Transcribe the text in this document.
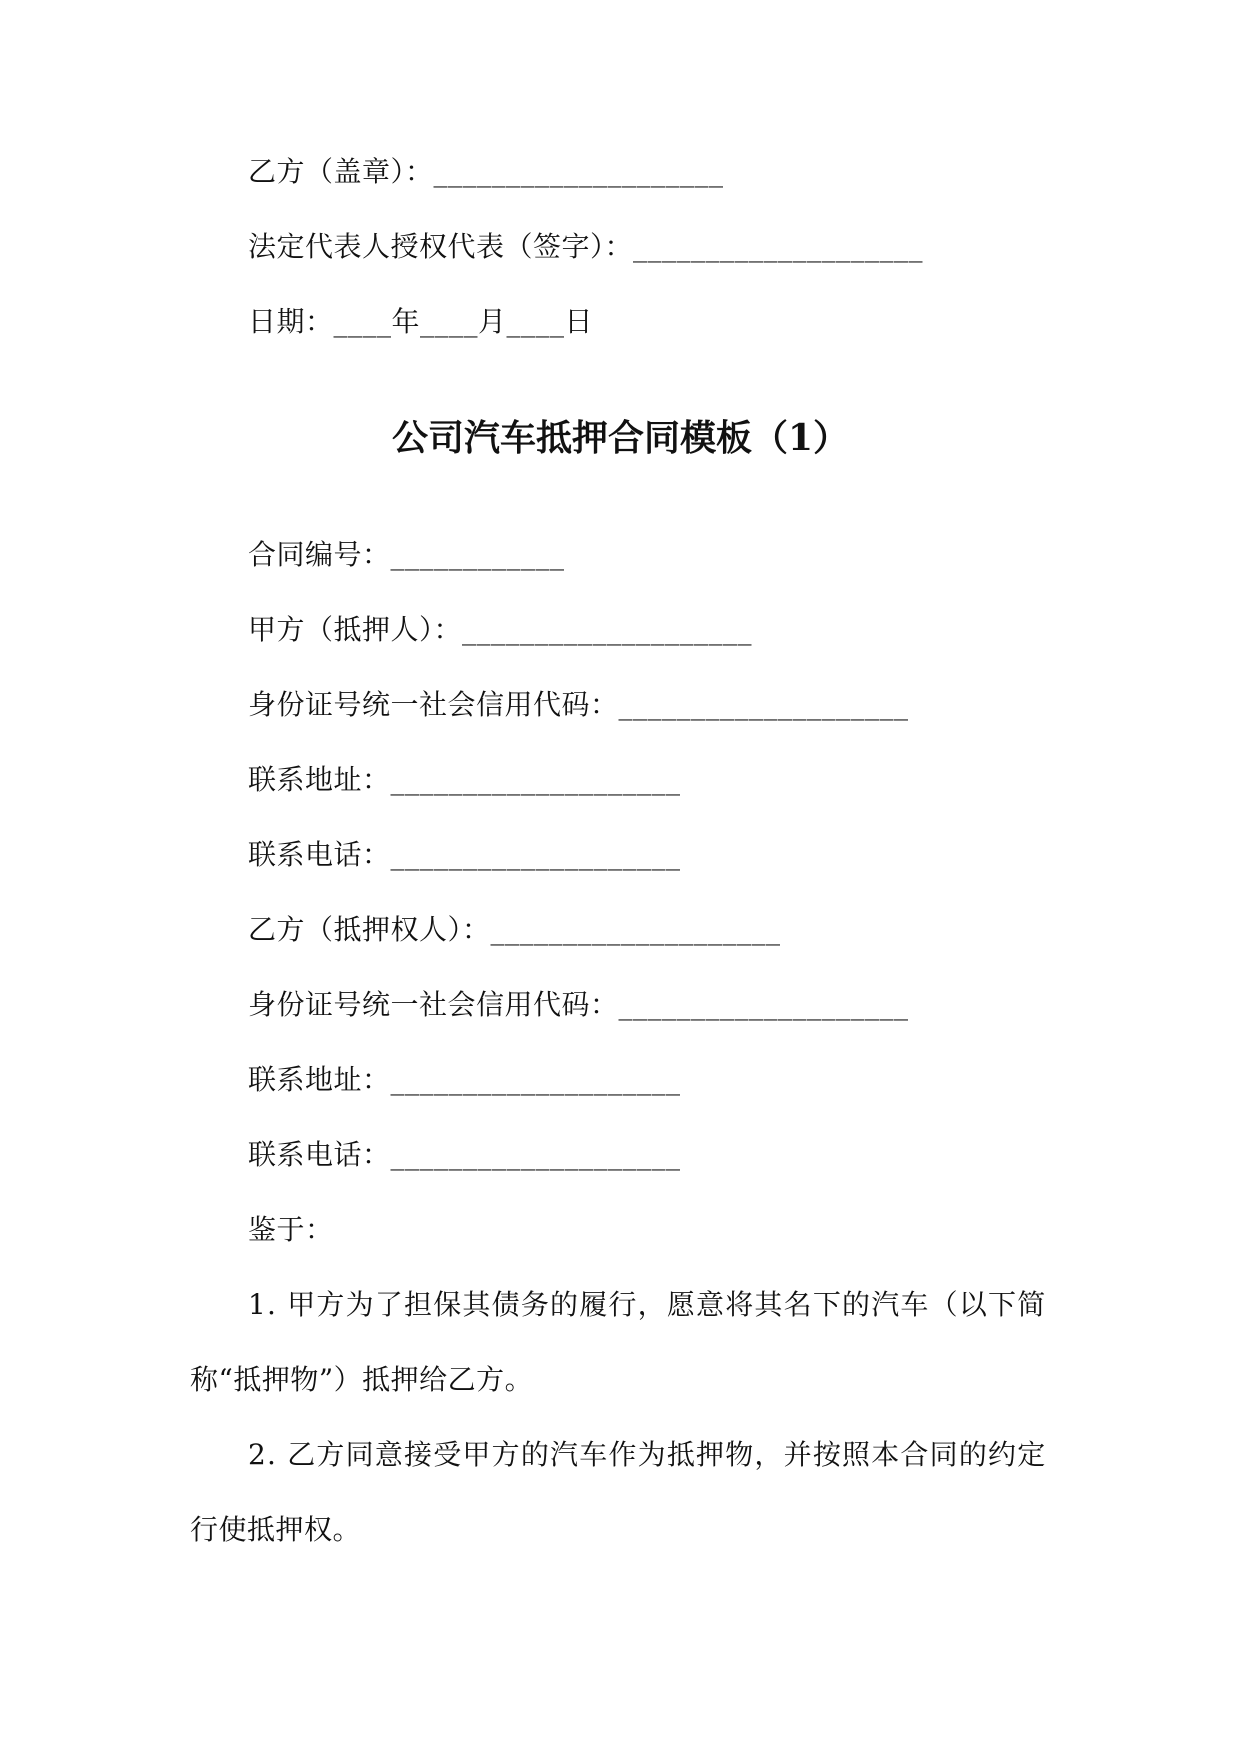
乙方（盖章）：____________________
法定代表人授权代表（签字）：____________________
日期：____年____月____日
公司汽车抵押合同模板（1）
合同编号：____________
甲方（抵押人）：____________________
身份证号统一社会信用代码：____________________
联系地址：____________________
联系电话：____________________
乙方（抵押权人）：____________________
身份证号统一社会信用代码：____________________
联系地址：____________________
联系电话：____________________
鉴于：
1. 甲方为了担保其债务的履行，愿意将其名下的汽车（以下简
称“抵押物”）抵押给乙方。
2. 乙方同意接受甲方的汽车作为抵押物，并按照本合同的约定
行使抵押权。
